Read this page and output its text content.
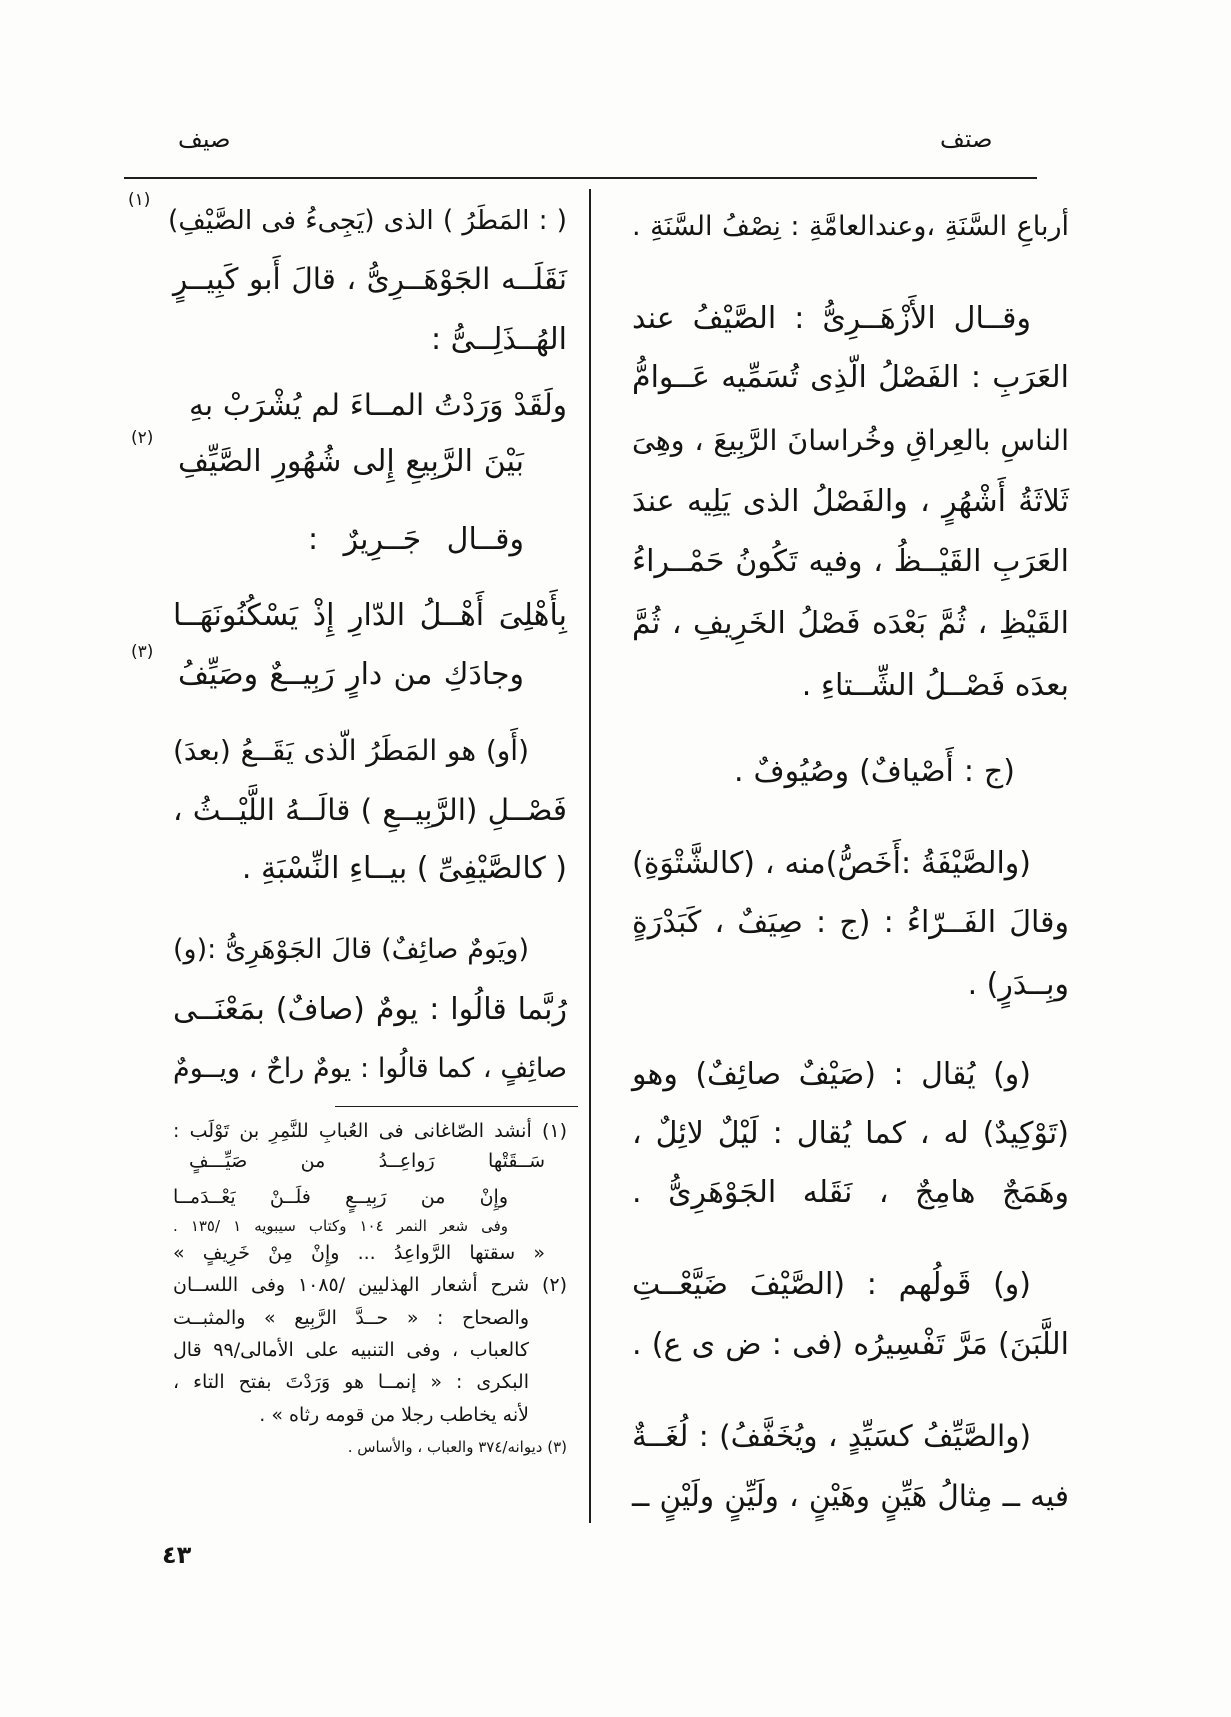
صيف	صتف
أرباعِ السَّنَةِ ،وعندالعامَّةِ : نِصْفُ السَّنَةِ .
وقــال الأَزْهَــرِىُّ : الصَّيْفُ عند
العَرَبِ : الفَصْلُ الّذِى تُسَمِّيه عَــوامُّ
الناسِ بالعِراقِ وخُراسانَ الرَّبِيعَ ، وهِىَ
ثَلاثَةُ أَشْهُرٍ ، والفَصْلُ الذى يَلِيه عندَ
العَرَبِ القَيْــظُ ، وفيه تَكُونُ حَمْــراءُ
القَيْظِ ، ثُمَّ بَعْدَه فَصْلُ الخَرِيفِ ، ثُمَّ
بعدَه فَصْــلُ الشِّــتاءِ .
(ج : أَصْيافٌ) وصُيُوفٌ .
(والصَّيْفَةُ :أَخَصُّ)منه ، (كالشَّتْوَةِ)
وقالَ الفَــرّاءُ : (ج : صِيَفٌ ، كَبَدْرَةٍ
وبِــدَرٍ) .
(و) يُقال : (صَيْفٌ صائِفٌ) وهو
(تَوْكِيدٌ) له ، كما يُقال : لَيْلٌ لائِلٌ ،
وهَمَجٌ هامِجٌ ، نَقَله الجَوْهَرِىُّ .
(و) قَولُهم : (الصَّيْفَ ضَيَّعْــتِ
اللَّبَنَ) مَرَّ تَفْسِيرُه (فى : ض ى ع) .
(والصَّيِّفُ كسَيِّدٍ ، ويُخَفَّفُ) : لُغَــةٌ
فيه ــ مِثالُ هَيِّنٍ وهَيْنٍ ، ولَيِّنٍ ولَيْنٍ ــ
( : المَطَرُ ) الذى (يَجِىءُ فى الصَّيْفِ)
(١)
نَقَلَــه الجَوْهَــرِىُّ ، قالَ أَبو كَبِيــرٍ
الهُــذَلِــىُّ :
ولَقَدْ وَرَدْتُ المــاءَ لم يُشْرَبْ بهِ
بَيْنَ الرَّبِيعِ إِلى شُهُورِ الصَّيِّفِ
(٢)
وقــال جَــرِيرٌ :
بِأَهْلِىَ أَهْــلُ الدّارِ إِذْ يَسْكُنُونَهَــا
وجادَكِ من دارٍ رَبِيــعٌ وصَيِّفُ
(٣)
(أَو) هو المَطَرُ الّذى يَقَــعُ (بعدَ)
فَصْــلِ (الرَّبِيــعِ ) قالَــهُ اللَّيْــثُ ،
( كالصَّيْفِىِّ ) بيــاءِ النِّسْبَةِ .
(ويَومٌ صائِفٌ) قالَ الجَوْهَرِىُّ :(و)
رُبَّما قالُوا : يومٌ (صافٌ) بمَعْنَــى
صائِفٍ ، كما قالُوا : يومٌ راحٌ ، ويــومٌ
(١) أنشد الصّاغانى فى العُبابِ للنَّمِرِ بن تَوْلَب :
سَــقَتْها رَواعِــدُ من صَيِّـــفٍ
وإِنْ من رَبِيــعٍ فلَــنْ يَعْــدَمــا
وفى شعر النمر ١٠٤ وكتاب سيبويه ١ /١٣٥ .
« سقتها الرَّواعِدُ ... وإِنْ مِنْ خَرِيفٍ »
(٢) شرح أشعار الهذليين /١٠٨٥ وفى اللســان
والصحاح : « حــدَّ الرَّبِيع » والمثبــت
كالعباب ، وفى التنبيه على الأمالى/٩٩ قال
البكرى : « إنمــا هو وَرَدْتَ بفتح التاء ،
لأنه يخاطب رجلا من قومه رثاه » .
(٣) ديوانه/٣٧٤ والعباب ، والأساس .
٤٣
